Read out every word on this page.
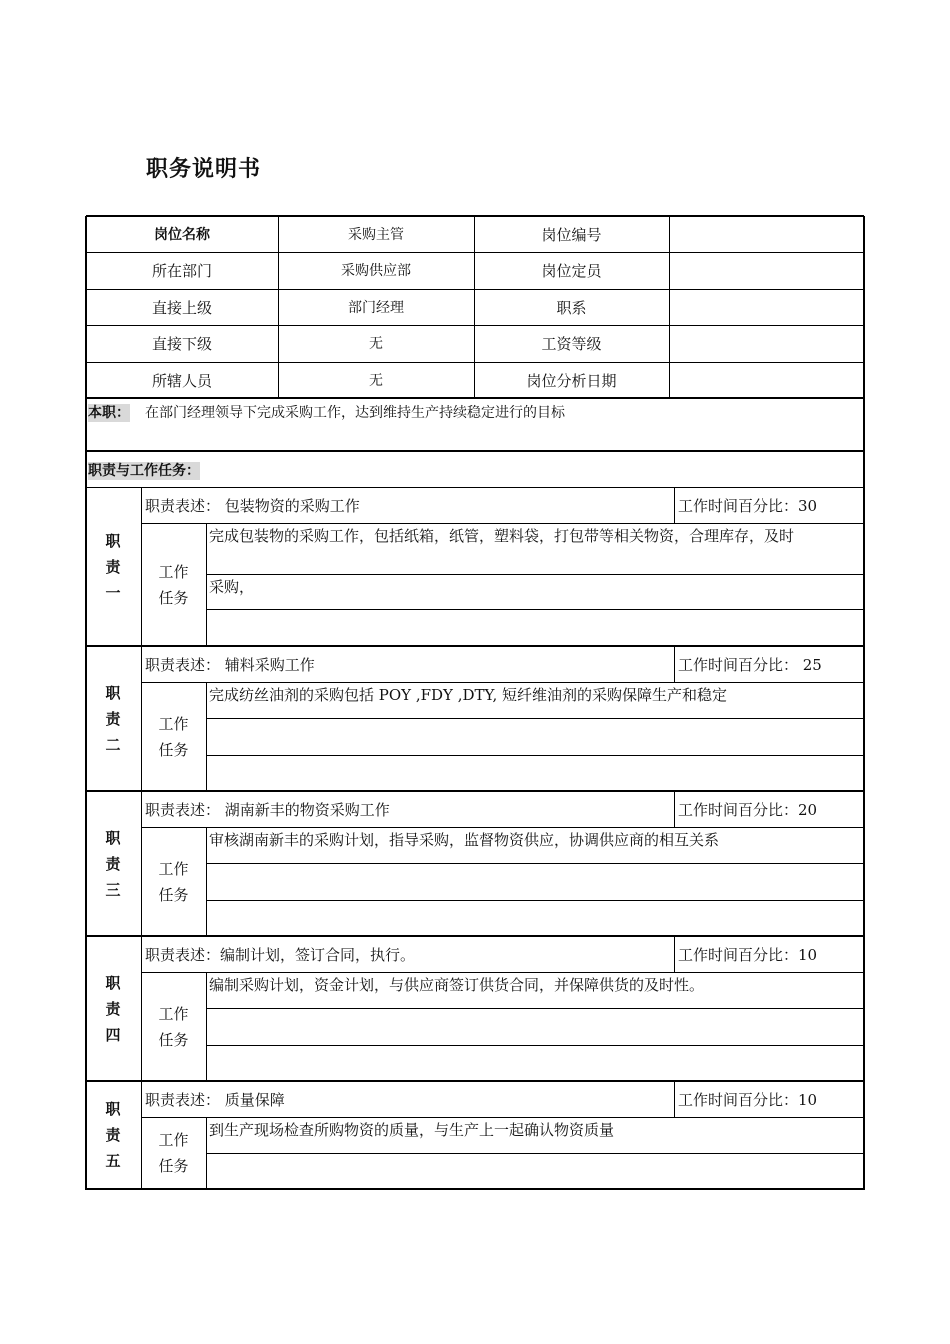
职务说明书
岗位名称	采购主管	岗位编号
所在部门	采购供应部	岗位定员
直接上级	部门经理	职系
直接下级	无	工资等级
所辖人员	无	岗位分析日期
本职： 在部门经理领导下完成采购工作，达到维持生产持续稳定进行的目标
职责与工作任务：
职责表述： 包装物资的采购工作	工作时间百分比：30
完成包装物的采购工作，包括纸箱，纸管，塑料袋，打包带等相关物资，合理库存，及时
采购，
工作
任务
职
责
一
职责表述： 辅料采购工作	工作时间百分比： 25
完成纺丝油剂的采购包括 POY ,FDY ,DTY, 短纤维油剂的采购保障生产和稳定
工作
任务
职
责
二
职责表述： 湖南新丰的物资采购工作	工作时间百分比：20
审核湖南新丰的采购计划，指导采购，监督物资供应，协调供应商的相互关系
工作
任务
职
责
三
职责表述：编制计划，签订合同，执行。	工作时间百分比：10
编制采购计划，资金计划，与供应商签订供货合同，并保障供货的及时性。
工作
任务
职
责
四
职责表述： 质量保障	工作时间百分比：10
到生产现场检查所购物资的质量，与生产上一起确认物资质量
工作
任务
职
责
五
